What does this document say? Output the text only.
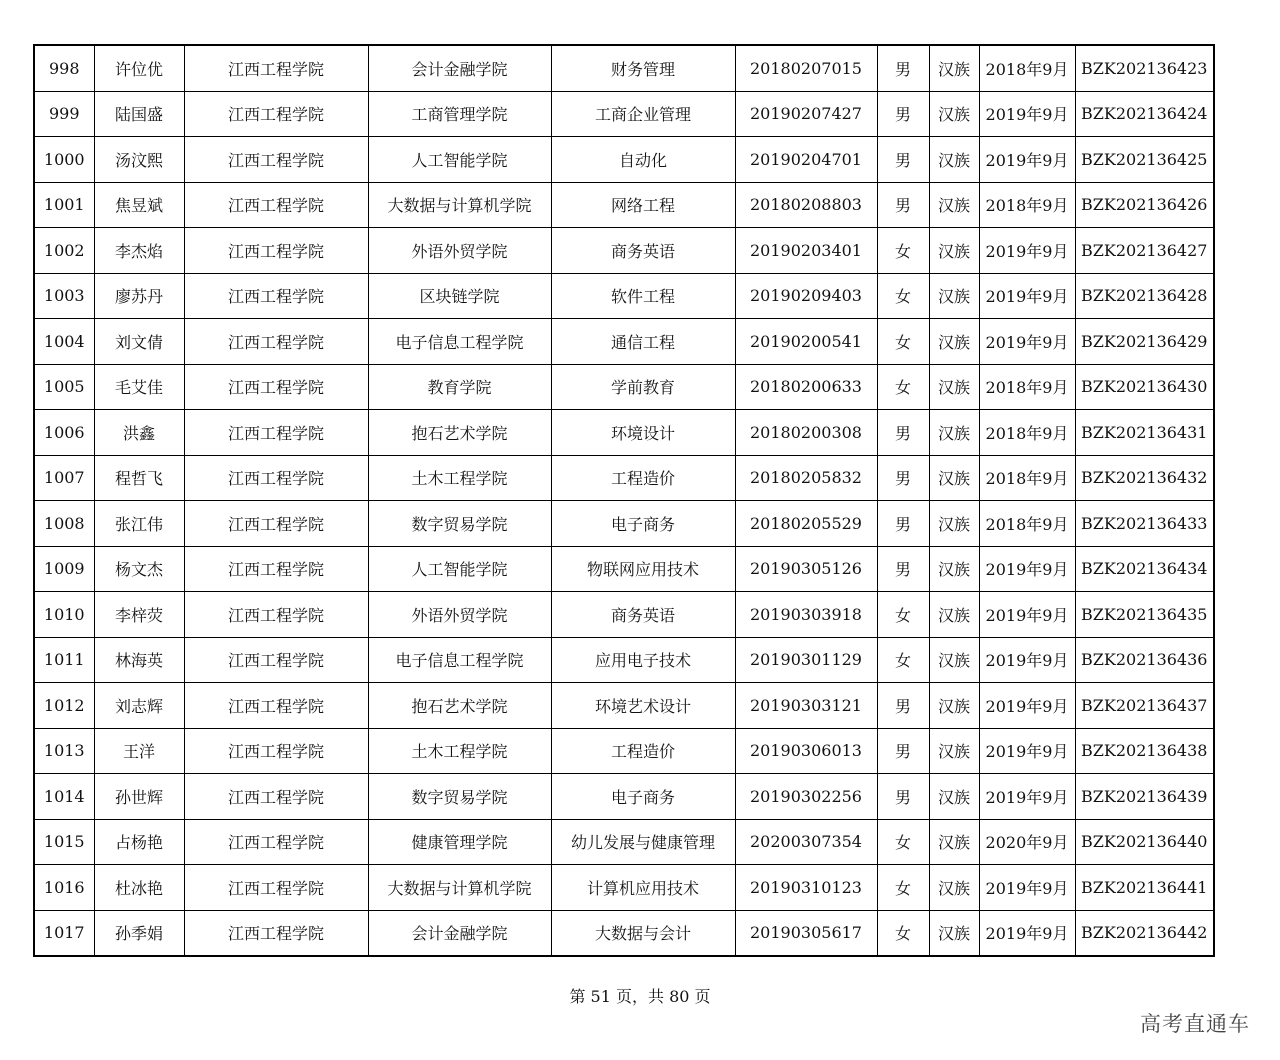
998	许位优	江西工程学院	会计金融学院	财务管理	20180207015	男	汉族	2018年9月	BZK202136423
999	陆国盛	江西工程学院	工商管理学院	工商企业管理	20190207427	男	汉族	2019年9月	BZK202136424
1000	汤汶熙	江西工程学院	人工智能学院	自动化	20190204701	男	汉族	2019年9月	BZK202136425
1001	焦昱斌	江西工程学院	大数据与计算机学院	网络工程	20180208803	男	汉族	2018年9月	BZK202136426
1002	李杰焰	江西工程学院	外语外贸学院	商务英语	20190203401	女	汉族	2019年9月	BZK202136427
1003	廖苏丹	江西工程学院	区块链学院	软件工程	20190209403	女	汉族	2019年9月	BZK202136428
1004	刘文倩	江西工程学院	电子信息工程学院	通信工程	20190200541	女	汉族	2019年9月	BZK202136429
1005	毛艾佳	江西工程学院	教育学院	学前教育	20180200633	女	汉族	2018年9月	BZK202136430
1006	洪鑫	江西工程学院	抱石艺术学院	环境设计	20180200308	男	汉族	2018年9月	BZK202136431
1007	程哲飞	江西工程学院	土木工程学院	工程造价	20180205832	男	汉族	2018年9月	BZK202136432
1008	张江伟	江西工程学院	数字贸易学院	电子商务	20180205529	男	汉族	2018年9月	BZK202136433
1009	杨文杰	江西工程学院	人工智能学院	物联网应用技术	20190305126	男	汉族	2019年9月	BZK202136434
1010	李梓荧	江西工程学院	外语外贸学院	商务英语	20190303918	女	汉族	2019年9月	BZK202136435
1011	林海英	江西工程学院	电子信息工程学院	应用电子技术	20190301129	女	汉族	2019年9月	BZK202136436
1012	刘志辉	江西工程学院	抱石艺术学院	环境艺术设计	20190303121	男	汉族	2019年9月	BZK202136437
1013	王洋	江西工程学院	土木工程学院	工程造价	20190306013	男	汉族	2019年9月	BZK202136438
1014	孙世辉	江西工程学院	数字贸易学院	电子商务	20190302256	男	汉族	2019年9月	BZK202136439
1015	占杨艳	江西工程学院	健康管理学院	幼儿发展与健康管理	20200307354	女	汉族	2020年9月	BZK202136440
1016	杜冰艳	江西工程学院	大数据与计算机学院	计算机应用技术	20190310123	女	汉族	2019年9月	BZK202136441
1017	孙季娟	江西工程学院	会计金融学院	大数据与会计	20190305617	女	汉族	2019年9月	BZK202136442
第 51 页，共 80 页
高考直通车
